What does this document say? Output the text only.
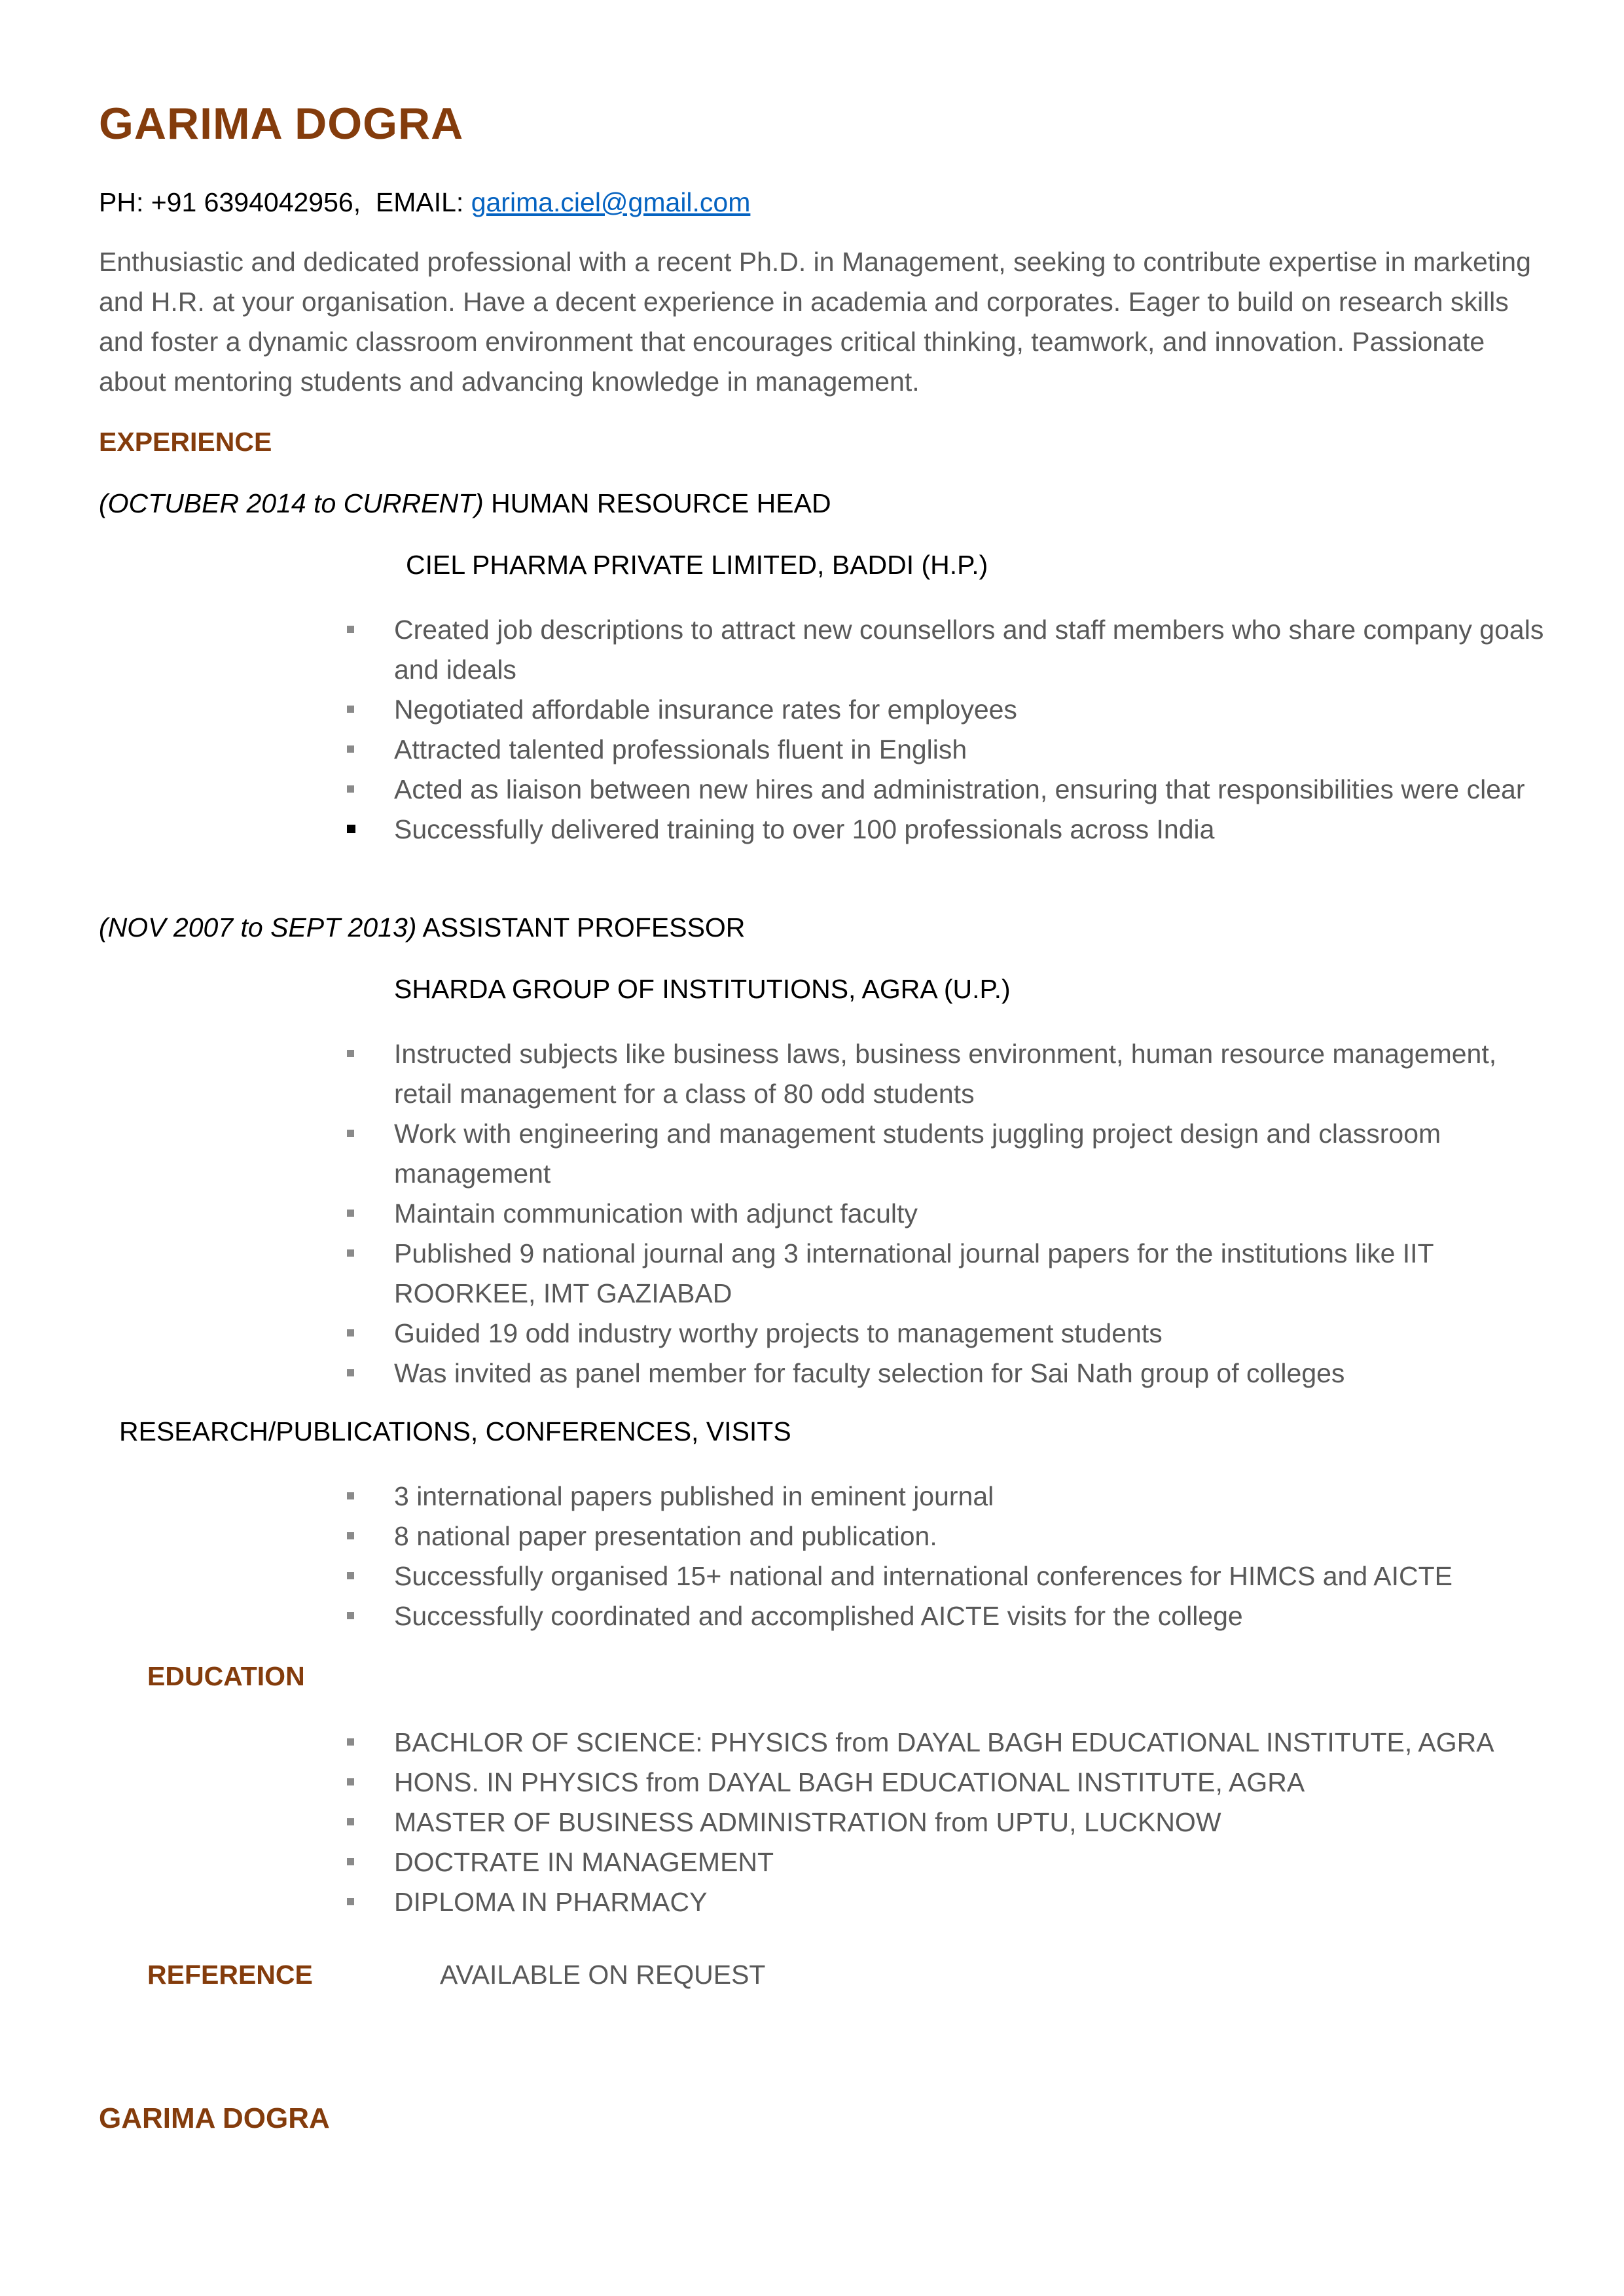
GARIMA DOGRA
PH: +91 6394042956,  EMAIL: garima.ciel@gmail.com
Enthusiastic and dedicated professional with a recent Ph.D. in Management, seeking to contribute expertise in marketing and H.R. at your organisation. Have a decent experience in academia and corporates. Eager to build on research skills and foster a dynamic classroom environment that encourages critical thinking, teamwork, and innovation. Passionate about mentoring students and advancing knowledge in management.
EXPERIENCE
(OCTUBER 2014 to CURRENT) HUMAN RESOURCE HEAD
CIEL PHARMA PRIVATE LIMITED, BADDI (H.P.)
Created job descriptions to attract new counsellors and staff members who share company goals and ideals
Negotiated affordable insurance rates for employees
Attracted talented professionals fluent in English
Acted as liaison between new hires and administration, ensuring that responsibilities were clear
Successfully delivered training to over 100 professionals across India
(NOV 2007 to SEPT 2013) ASSISTANT PROFESSOR
SHARDA GROUP OF INSTITUTIONS, AGRA (U.P.)
Instructed subjects like business laws, business environment, human resource management, retail management for a class of 80 odd students
Work with engineering and management students juggling project design and classroom management
Maintain communication with adjunct faculty
Published 9 national journal ang 3 international journal papers for the institutions like IIT ROORKEE, IMT GAZIABAD
Guided 19 odd industry worthy projects to management students
Was invited as panel member for faculty selection for Sai Nath group of colleges
RESEARCH/PUBLICATIONS, CONFERENCES, VISITS
3 international papers published in eminent journal
8 national paper presentation and publication.
Successfully organised 15+ national and international conferences for HIMCS and AICTE
Successfully coordinated and accomplished AICTE visits for the college
EDUCATION
BACHLOR OF SCIENCE: PHYSICS from DAYAL BAGH EDUCATIONAL INSTITUTE, AGRA
HONS. IN PHYSICS from DAYAL BAGH EDUCATIONAL INSTITUTE, AGRA
MASTER OF BUSINESS ADMINISTRATION from UPTU, LUCKNOW
DOCTRATE IN MANAGEMENT
DIPLOMA IN PHARMACY
REFERENCE	AVAILABLE ON REQUEST
GARIMA DOGRA
